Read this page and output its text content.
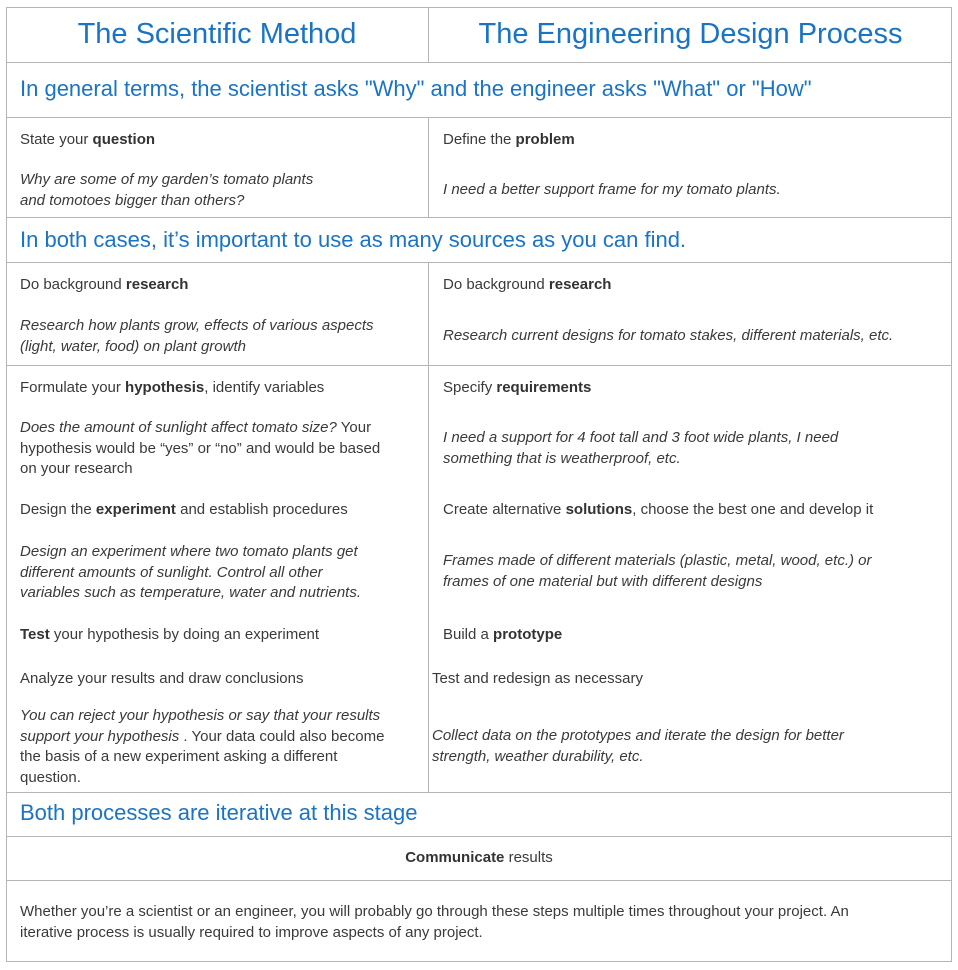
The Scientific Method	The Engineering Design Process
In general terms, the scientist asks "Why" and the engineer asks "What" or "How"
In both cases, it’s important to use as many sources as you can find.
Both processes are iterative at this stage
State your question
Why are some of my garden’s tomato plants
and tomotoes bigger than others?
Define the problem
I need a better support frame for my tomato plants.
Do background research
Research how plants grow, effects of various aspects
(light, water, food) on plant growth
Do background research
Research current designs for tomato stakes, different materials, etc.
Formulate your hypothesis, identify variables
Does the amount of sunlight affect tomato size? Your
hypothesis would be “yes” or “no” and would be based
on your research
Specify requirements
I need a support for 4 foot tall and 3 foot wide plants, I need
something that is weatherproof, etc.
Design the experiment and establish procedures
Design an experiment where two tomato plants get
different amounts of sunlight. Control all other
variables such as temperature, water and nutrients.
Create alternative solutions, choose the best one and develop it
Frames made of different materials (plastic, metal, wood, etc.) or
frames of one material but with different designs
Test your hypothesis by doing an experiment	Build a prototype
Analyze your results and draw conclusions
You can reject your hypothesis or say that your results
support your hypothesis . Your data could also become
the basis of a new experiment asking a different
question.
Test and redesign as necessary
Collect data on the prototypes and iterate the design for better
strength, weather durability, etc.
Communicate results
Whether you’re a scientist or an engineer, you will probably go through these steps multiple times throughout your project. An
iterative process is usually required to improve aspects of any project.
